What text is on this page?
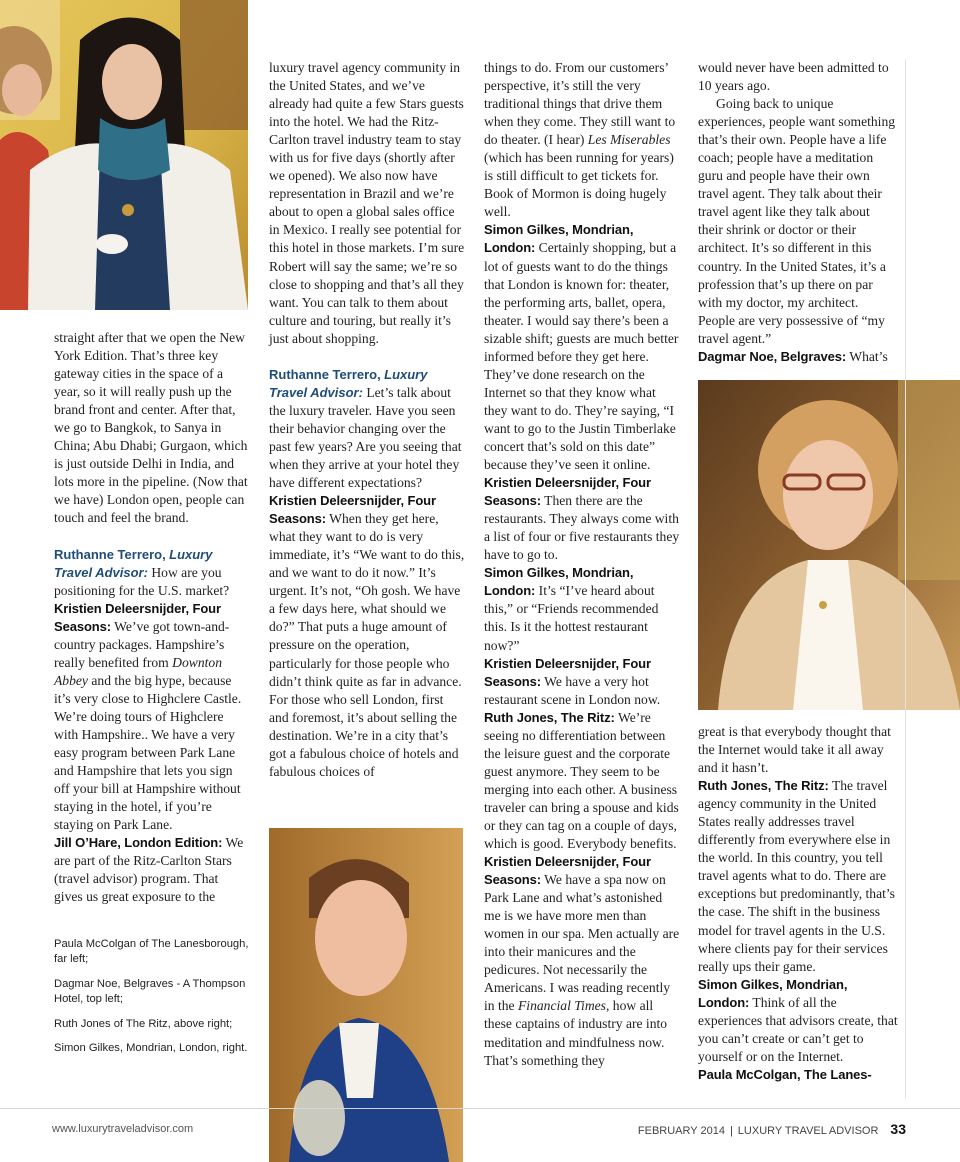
straight after that we open the New York Edition. That’s three key gateway cities in the space of a year, so it will really push up the brand front and center. After that, we go to Bangkok, to Sanya in China; Abu Dhabi; Gurgaon, which is just outside Delhi in India, and lots more in the pipeline. (Now that we have) London open, people can touch and feel the brand.

Ruthanne Terrero, Luxury Travel Advisor: How are you positioning for the U.S. market?

Kristien Deleersnijder, Four Seasons: We’ve got town-and-country packages. Hampshire’s really benefited from Downton Abbey and the big hype, because it’s very close to Highclere Castle. We’re doing tours of Highclere with Hampshire.. We have a very easy program between Park Lane and Hampshire that lets you sign off your bill at Hampshire without staying in the hotel, if you’re staying on Park Lane.

Jill O’Hare, London Edition: We are part of the Ritz-Carlton Stars (travel advisor) program. That gives us great exposure to the

Paula McColgan of The Lanesborough, far left;

Dagmar Noe, Belgraves - A Thompson Hotel, top left;

Ruth Jones of The Ritz, above right;

Simon Gilkes, Mondrian, London, right.

luxury travel agency community in the United States, and we’ve already had quite a few Stars guests into the hotel. We had the Ritz-Carlton travel industry team to stay with us for five days (shortly after we opened). We also now have representation in Brazil and we’re about to open a global sales office in Mexico. I really see potential for this hotel in those markets. I’m sure Robert will say the same; we’re so close to shopping and that’s all they want. You can talk to them about culture and touring, but really it’s just about shopping.

Ruthanne Terrero, Luxury Travel Advisor: Let’s talk about the luxury traveler. Have you seen their behavior changing over the past few years? Are you seeing that when they arrive at your hotel they have different expectations?

Kristien Deleersnijder, Four Seasons: When they get here, what they want to do is very immediate, it’s “We want to do this, and we want to do it now.” It’s urgent. It’s not, “Oh gosh. We have a few days here, what should we do?” That puts a huge amount of pressure on the operation, particularly for those people who didn’t think quite as far in advance. For those who sell London, first and foremost, it’s about selling the destination. We’re in a city that’s got a fabulous choice of hotels and fabulous choices of

things to do. From our customers’ perspective, it’s still the very traditional things that drive them when they come. They still want to do theater. (I hear) Les Miserables (which has been running for years) is still difficult to get tickets for. Book of Mormon is doing hugely well.

Simon Gilkes, Mondrian, London: Certainly shopping, but a lot of guests want to do the things that London is known for: theater, the performing arts, ballet, opera, theater. I would say there’s been a sizable shift; guests are much better informed before they get here. They’ve done research on the Internet so that they know what they want to do. They’re saying, “I want to go to the Justin Timberlake concert that’s sold on this date” because they’ve seen it online.

Kristien Deleersnijder, Four Seasons: Then there are the restaurants. They always come with a list of four or five restaurants they have to go to.

Simon Gilkes, Mondrian, London: It’s “I’ve heard about this,” or “Friends recommended this. Is it the hottest restaurant now?”

Kristien Deleersnijder, Four Seasons: We have a very hot restaurant scene in London now.

Ruth Jones, The Ritz: We’re seeing no differentiation between the leisure guest and the corporate guest anymore. They seem to be merging into each other. A business traveler can bring a spouse and kids or they can tag on a couple of days, which is good. Everybody benefits.

Kristien Deleersnijder, Four Seasons: We have a spa now on Park Lane and what’s astonished me is we have more men than women in our spa. Men actually are into their manicures and the pedicures. Not necessarily the Americans. I was reading recently in the Financial Times, how all these captains of industry are into meditation and mindfulness now. That’s something they

would never have been admitted to 10 years ago.

Going back to unique experiences, people want something that’s their own. People have a life coach; people have a meditation guru and people have their own travel agent. They talk about their travel agent like they talk about their shrink or doctor or their architect. It’s so different in this country. In the United States, it’s a profession that’s up there on par with my doctor, my architect. People are very possessive of “my travel agent.”

Dagmar Noe, Belgraves: What’s

great is that everybody thought that the Internet would take it all away and it hasn’t.

Ruth Jones, The Ritz: The travel agency community in the United States really addresses travel differently from everywhere else in the world. In this country, you tell travel agents what to do. There are exceptions but predominantly, that’s the case. The shift in the business model for travel agents in the U.S. where clients pay for their services really ups their game.

Simon Gilkes, Mondrian, London: Think of all the experiences that advisors create, that you can’t create or can’t get to yourself or on the Internet.

Paula McColgan, The Lanes-

www.luxurytraveladvisor.com	FEBRUARY 2014 | LUXURY TRAVEL ADVISOR 33
